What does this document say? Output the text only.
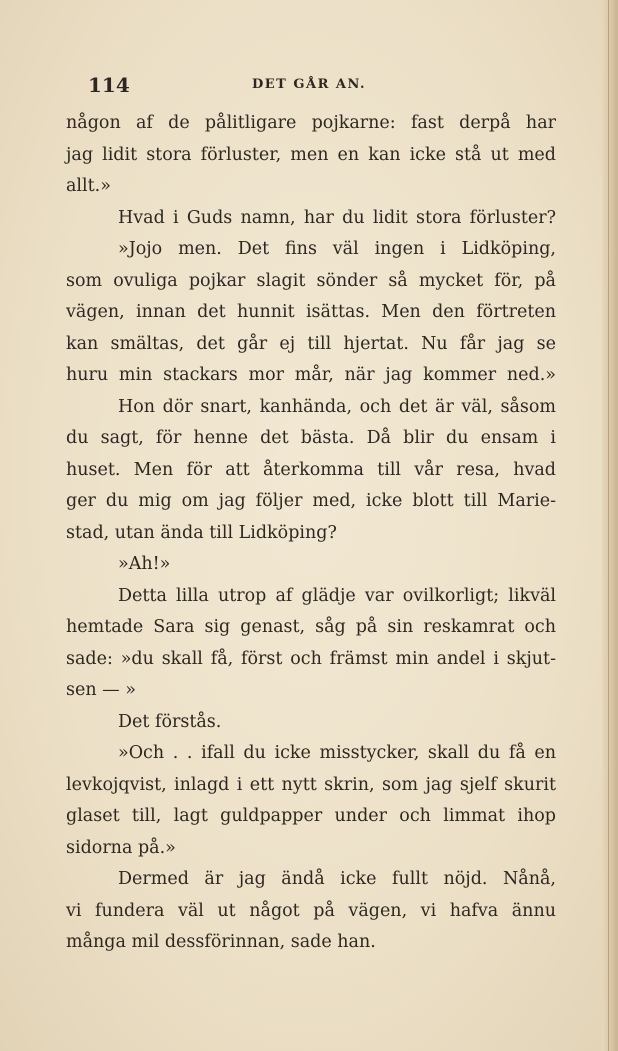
114	DET GÅR AN.
någon af de pålitligare pojkarne: fast derpå har
jag lidit stora förluster, men en kan icke stå ut med
allt.»
Hvad i Guds namn, har du lidit stora förluster?
»Jojo men. Det fins väl ingen i Lidköping,
som ovuliga pojkar slagit sönder så mycket för, på
vägen, innan det hunnit isättas. Men den förtreten
kan smältas, det går ej till hjertat. Nu får jag se
huru min stackars mor mår, när jag kommer ned.»
Hon dör snart, kanhända, och det är väl, såsom
du sagt, för henne det bästa. Då blir du ensam i
huset. Men för att återkomma till vår resa, hvad
ger du mig om jag följer med, icke blott till Marie-
stad, utan ända till Lidköping?
»Ah!»
Detta lilla utrop af glädje var ovilkorligt; likväl
hemtade Sara sig genast, såg på sin reskamrat och
sade: »du skall få, först och främst min andel i skjut-
sen — »
Det förstås.
»Och . . ifall du icke misstycker, skall du få en
levkojqvist, inlagd i ett nytt skrin, som jag sjelf skurit
glaset till, lagt guldpapper under och limmat ihop
sidorna på.»
Dermed är jag ändå icke fullt nöjd. Nånå,
vi fundera väl ut något på vägen, vi hafva ännu
många mil dessförinnan, sade han.
